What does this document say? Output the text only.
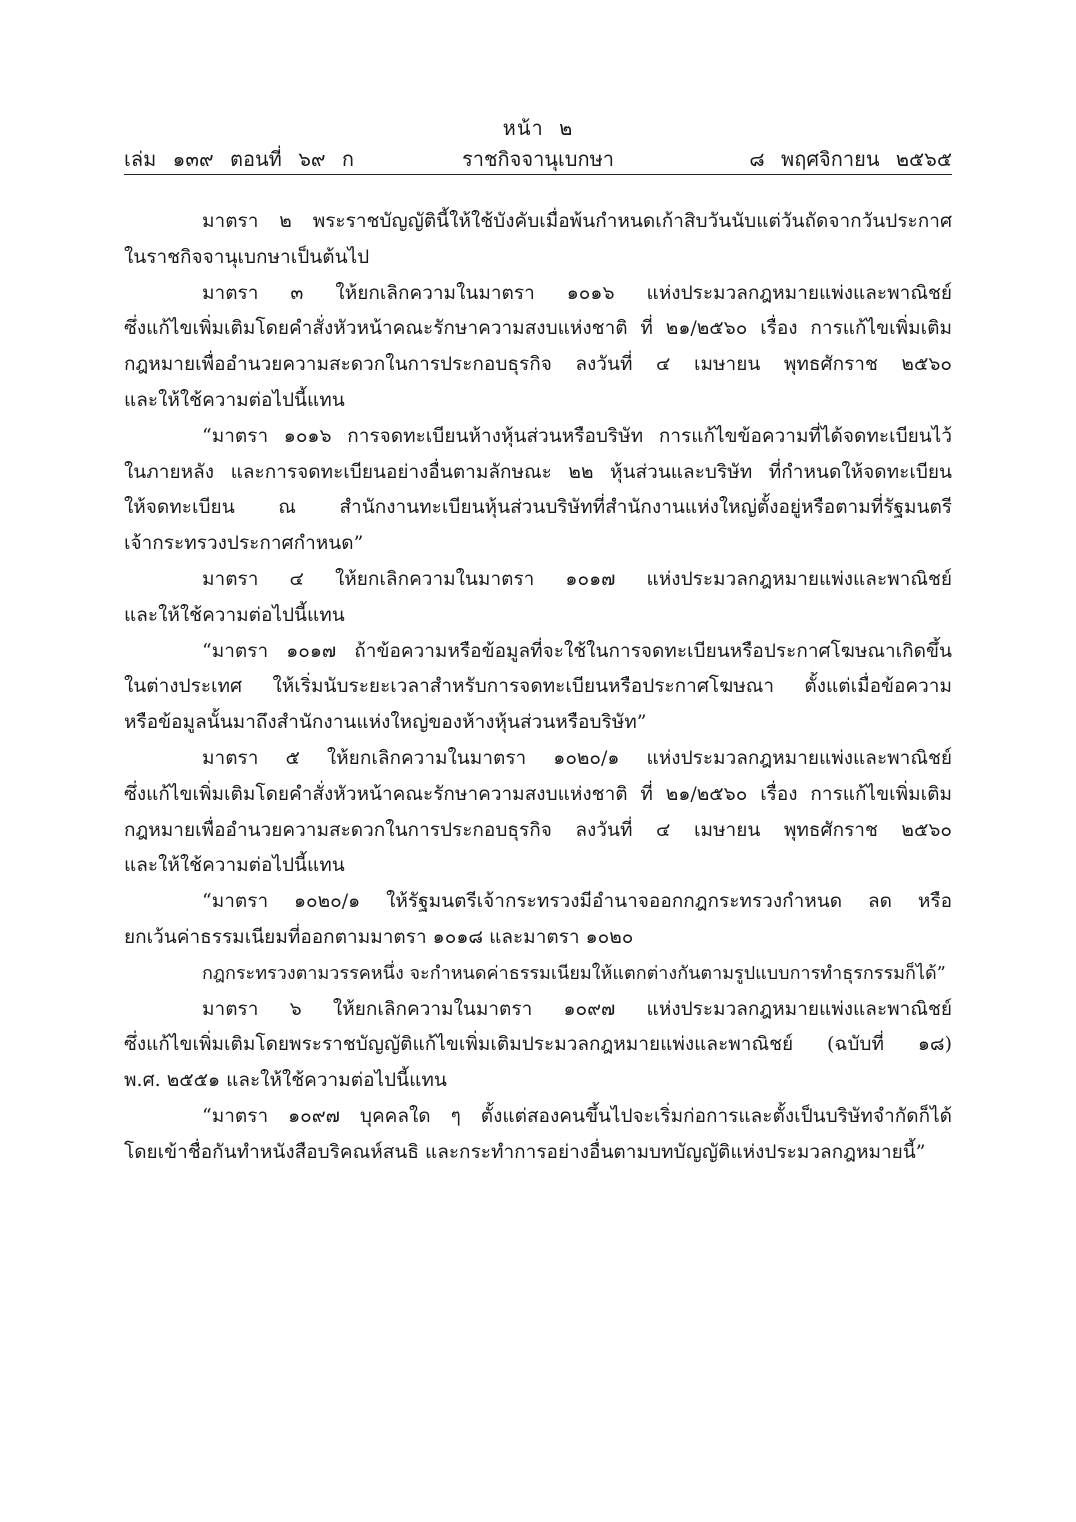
หน้า ๒
เล่ม ๑๓๙ ตอนที่ ๖๙ ก	ราชกิจจานุเบกษา	๘ พฤศจิกายน ๒๕๖๕
มาตรา ๒ พระราชบัญญัตินี้ให้ใช้บังคับเมื่อพ้นกำหนดเก้าสิบวันนับแต่วันถัดจากวันประกาศ
ในราชกิจจานุเบกษาเป็นต้นไป
มาตรา ๓ ให้ยกเลิกความในมาตรา ๑๐๑๖ แห่งประมวลกฎหมายแพ่งและพาณิชย์
ซึ่งแก้ไขเพิ่มเติมโดยคำสั่งหัวหน้าคณะรักษาความสงบแห่งชาติ ที่ ๒๑/๒๕๖๐ เรื่อง การแก้ไขเพิ่มเติม
กฎหมายเพื่ออำนวยความสะดวกในการประกอบธุรกิจ ลงวันที่ ๔ เมษายน พุทธศักราช ๒๕๖๐
และให้ใช้ความต่อไปนี้แทน
“มาตรา ๑๐๑๖ การจดทะเบียนห้างหุ้นส่วนหรือบริษัท การแก้ไขข้อความที่ได้จดทะเบียนไว้
ในภายหลัง และการจดทะเบียนอย่างอื่นตามลักษณะ ๒๒ หุ้นส่วนและบริษัท ที่กำหนดให้จดทะเบียน
ให้จดทะเบียน ณ สำนักงานทะเบียนหุ้นส่วนบริษัทที่สำนักงานแห่งใหญ่ตั้งอยู่หรือตามที่รัฐมนตรี
เจ้ากระทรวงประกาศกำหนด”
มาตรา ๔ ให้ยกเลิกความในมาตรา ๑๐๑๗ แห่งประมวลกฎหมายแพ่งและพาณิชย์
และให้ใช้ความต่อไปนี้แทน
“มาตรา ๑๐๑๗ ถ้าข้อความหรือข้อมูลที่จะใช้ในการจดทะเบียนหรือประกาศโฆษณาเกิดขึ้น
ในต่างประเทศ ให้เริ่มนับระยะเวลาสำหรับการจดทะเบียนหรือประกาศโฆษณา ตั้งแต่เมื่อข้อความ
หรือข้อมูลนั้นมาถึงสำนักงานแห่งใหญ่ของห้างหุ้นส่วนหรือบริษัท”
มาตรา ๕ ให้ยกเลิกความในมาตรา ๑๐๒๐/๑ แห่งประมวลกฎหมายแพ่งและพาณิชย์
ซึ่งแก้ไขเพิ่มเติมโดยคำสั่งหัวหน้าคณะรักษาความสงบแห่งชาติ ที่ ๒๑/๒๕๖๐ เรื่อง การแก้ไขเพิ่มเติม
กฎหมายเพื่ออำนวยความสะดวกในการประกอบธุรกิจ ลงวันที่ ๔ เมษายน พุทธศักราช ๒๕๖๐
และให้ใช้ความต่อไปนี้แทน
“มาตรา ๑๐๒๐/๑ ให้รัฐมนตรีเจ้ากระทรวงมีอำนาจออกกฎกระทรวงกำหนด ลด หรือ
ยกเว้นค่าธรรมเนียมที่ออกตามมาตรา ๑๐๑๘ และมาตรา ๑๐๒๐
กฎกระทรวงตามวรรคหนึ่ง จะกำหนดค่าธรรมเนียมให้แตกต่างกันตามรูปแบบการทำธุรกรรมก็ได้”
มาตรา ๖ ให้ยกเลิกความในมาตรา ๑๐๙๗ แห่งประมวลกฎหมายแพ่งและพาณิชย์
ซึ่งแก้ไขเพิ่มเติมโดยพระราชบัญญัติแก้ไขเพิ่มเติมประมวลกฎหมายแพ่งและพาณิชย์ (ฉบับที่ ๑๘)
พ.ศ. ๒๕๕๑ และให้ใช้ความต่อไปนี้แทน
“มาตรา ๑๐๙๗ บุคคลใด ๆ ตั้งแต่สองคนขึ้นไปจะเริ่มก่อการและตั้งเป็นบริษัทจำกัดก็ได้
โดยเข้าชื่อกันทำหนังสือบริคณห์สนธิ และกระทำการอย่างอื่นตามบทบัญญัติแห่งประมวลกฎหมายนี้”
